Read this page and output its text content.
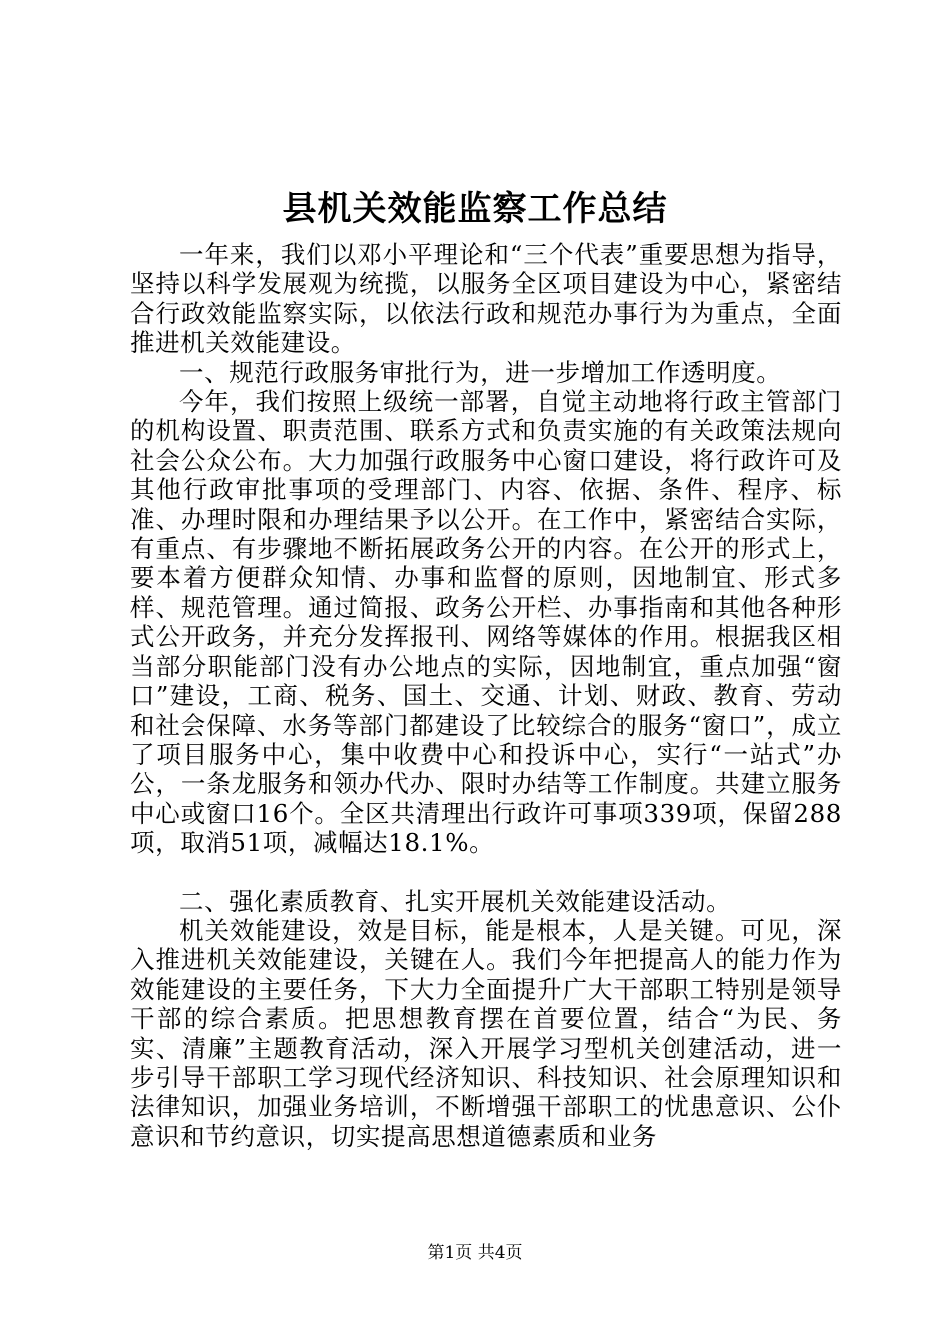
县机关效能监察工作总结

一年来，我们以邓小平理论和“三个代表”重要思想为指导，坚持以科学发展观为统揽，以服务全区项目建设为中心，紧密结合行政效能监察实际，以依法行政和规范办事行为为重点，全面推进机关效能建设。

一、规范行政服务审批行为，进一步增加工作透明度。

今年，我们按照上级统一部署，自觉主动地将行政主管部门的机构设置、职责范围、联系方式和负责实施的有关政策法规向社会公众公布。大力加强行政服务中心窗口建设，将行政许可及其他行政审批事项的受理部门、内容、依据、条件、程序、标准、办理时限和办理结果予以公开。在工作中，紧密结合实际，有重点、有步骤地不断拓展政务公开的内容。在公开的形式上，要本着方便群众知情、办事和监督的原则，因地制宜、形式多样、规范管理。通过简报、政务公开栏、办事指南和其他各种形式公开政务，并充分发挥报刊、网络等媒体的作用。根据我区相当部分职能部门没有办公地点的实际，因地制宜，重点加强“窗口”建设，工商、税务、国土、交通、计划、财政、教育、劳动和社会保障、水务等部门都建设了比较综合的服务“窗口”，成立了项目服务中心，集中收费中心和投诉中心，实行“一站式”办公，一条龙服务和领办代办、限时办结等工作制度。共建立服务中心或窗口16个。全区共清理出行政许可事项339项，保留288项，取消51项，减幅达18.1%。

二、强化素质教育、扎实开展机关效能建设活动。

机关效能建设，效是目标，能是根本，人是关键。可见，深入推进机关效能建设，关键在人。我们今年把提高人的能力作为效能建设的主要任务，下大力全面提升广大干部职工特别是领导干部的综合素质。把思想教育摆在首要位置，结合“为民、务实、清廉”主题教育活动，深入开展学习型机关创建活动，进一步引导干部职工学习现代经济知识、科技知识、社会原理知识和法律知识，加强业务培训，不断增强干部职工的忧患意识、公仆意识和节约意识，切实提高思想道德素质和业务

第1页 共4页
